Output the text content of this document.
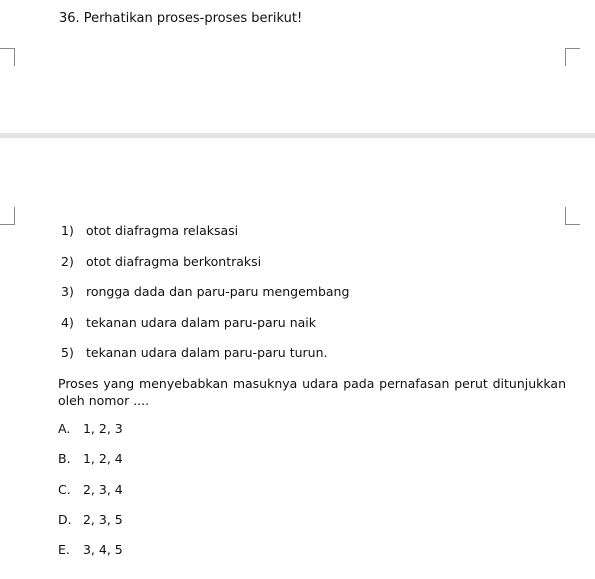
36. Perhatikan proses-proses berikut!
1) otot diafragma relaksasi
2) otot diafragma berkontraksi
3) rongga dada dan paru-paru mengembang
4) tekanan udara dalam paru-paru naik
5) tekanan udara dalam paru-paru turun.
Proses yang menyebabkan masuknya udara pada pernafasan perut ditunjukkan oleh nomor ....
A. 1, 2, 3
B. 1, 2, 4
C. 2, 3, 4
D. 2, 3, 5
E. 3, 4, 5
